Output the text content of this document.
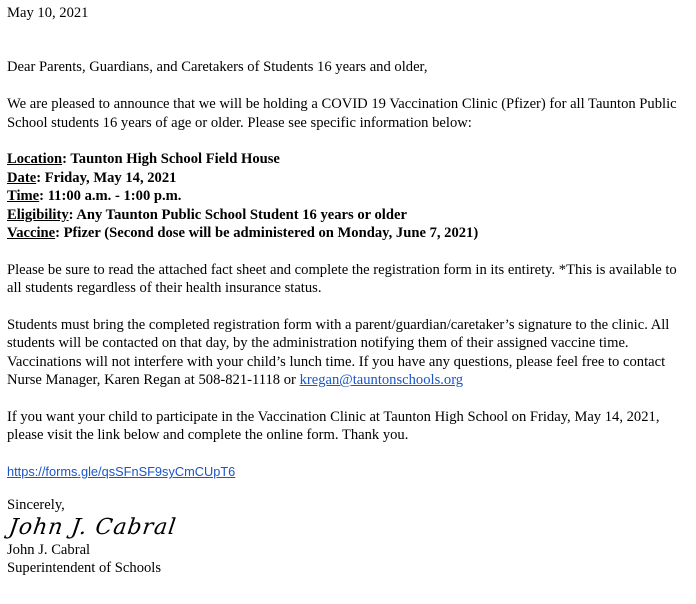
May 10, 2021

Dear Parents, Guardians, and Caretakers of Students 16 years and older,

We are pleased to announce that we will be holding a COVID 19 Vaccination Clinic (Pfizer) for all Taunton Public School students 16 years of age or older. Please see specific information below:

Location: Taunton High School Field House

Date: Friday, May 14, 2021

Time: 11:00 a.m. - 1:00 p.m.

Eligibility: Any Taunton Public School Student 16 years or older

Vaccine: Pfizer (Second dose will be administered on Monday, June 7, 2021)

Please be sure to read the attached fact sheet and complete the registration form in its entirety. *This is available to all students regardless of their health insurance status.

Students must bring the completed registration form with a parent/guardian/caretaker’s signature to the clinic. All students will be contacted on that day, by the administration notifying them of their assigned vaccine time. Vaccinations will not interfere with your child’s lunch time. If you have any questions, please feel free to contact Nurse Manager, Karen Regan at 508-821-1118 or kregan@tauntonschools.org

If you want your child to participate in the Vaccination Clinic at Taunton High School on Friday, May 14, 2021, please visit the link below and complete the online form. Thank you.

https://forms.gle/qsSFnSF9syCmCUpT6

Sincerely,

John J. Cabral

John J. Cabral

Superintendent of Schools
